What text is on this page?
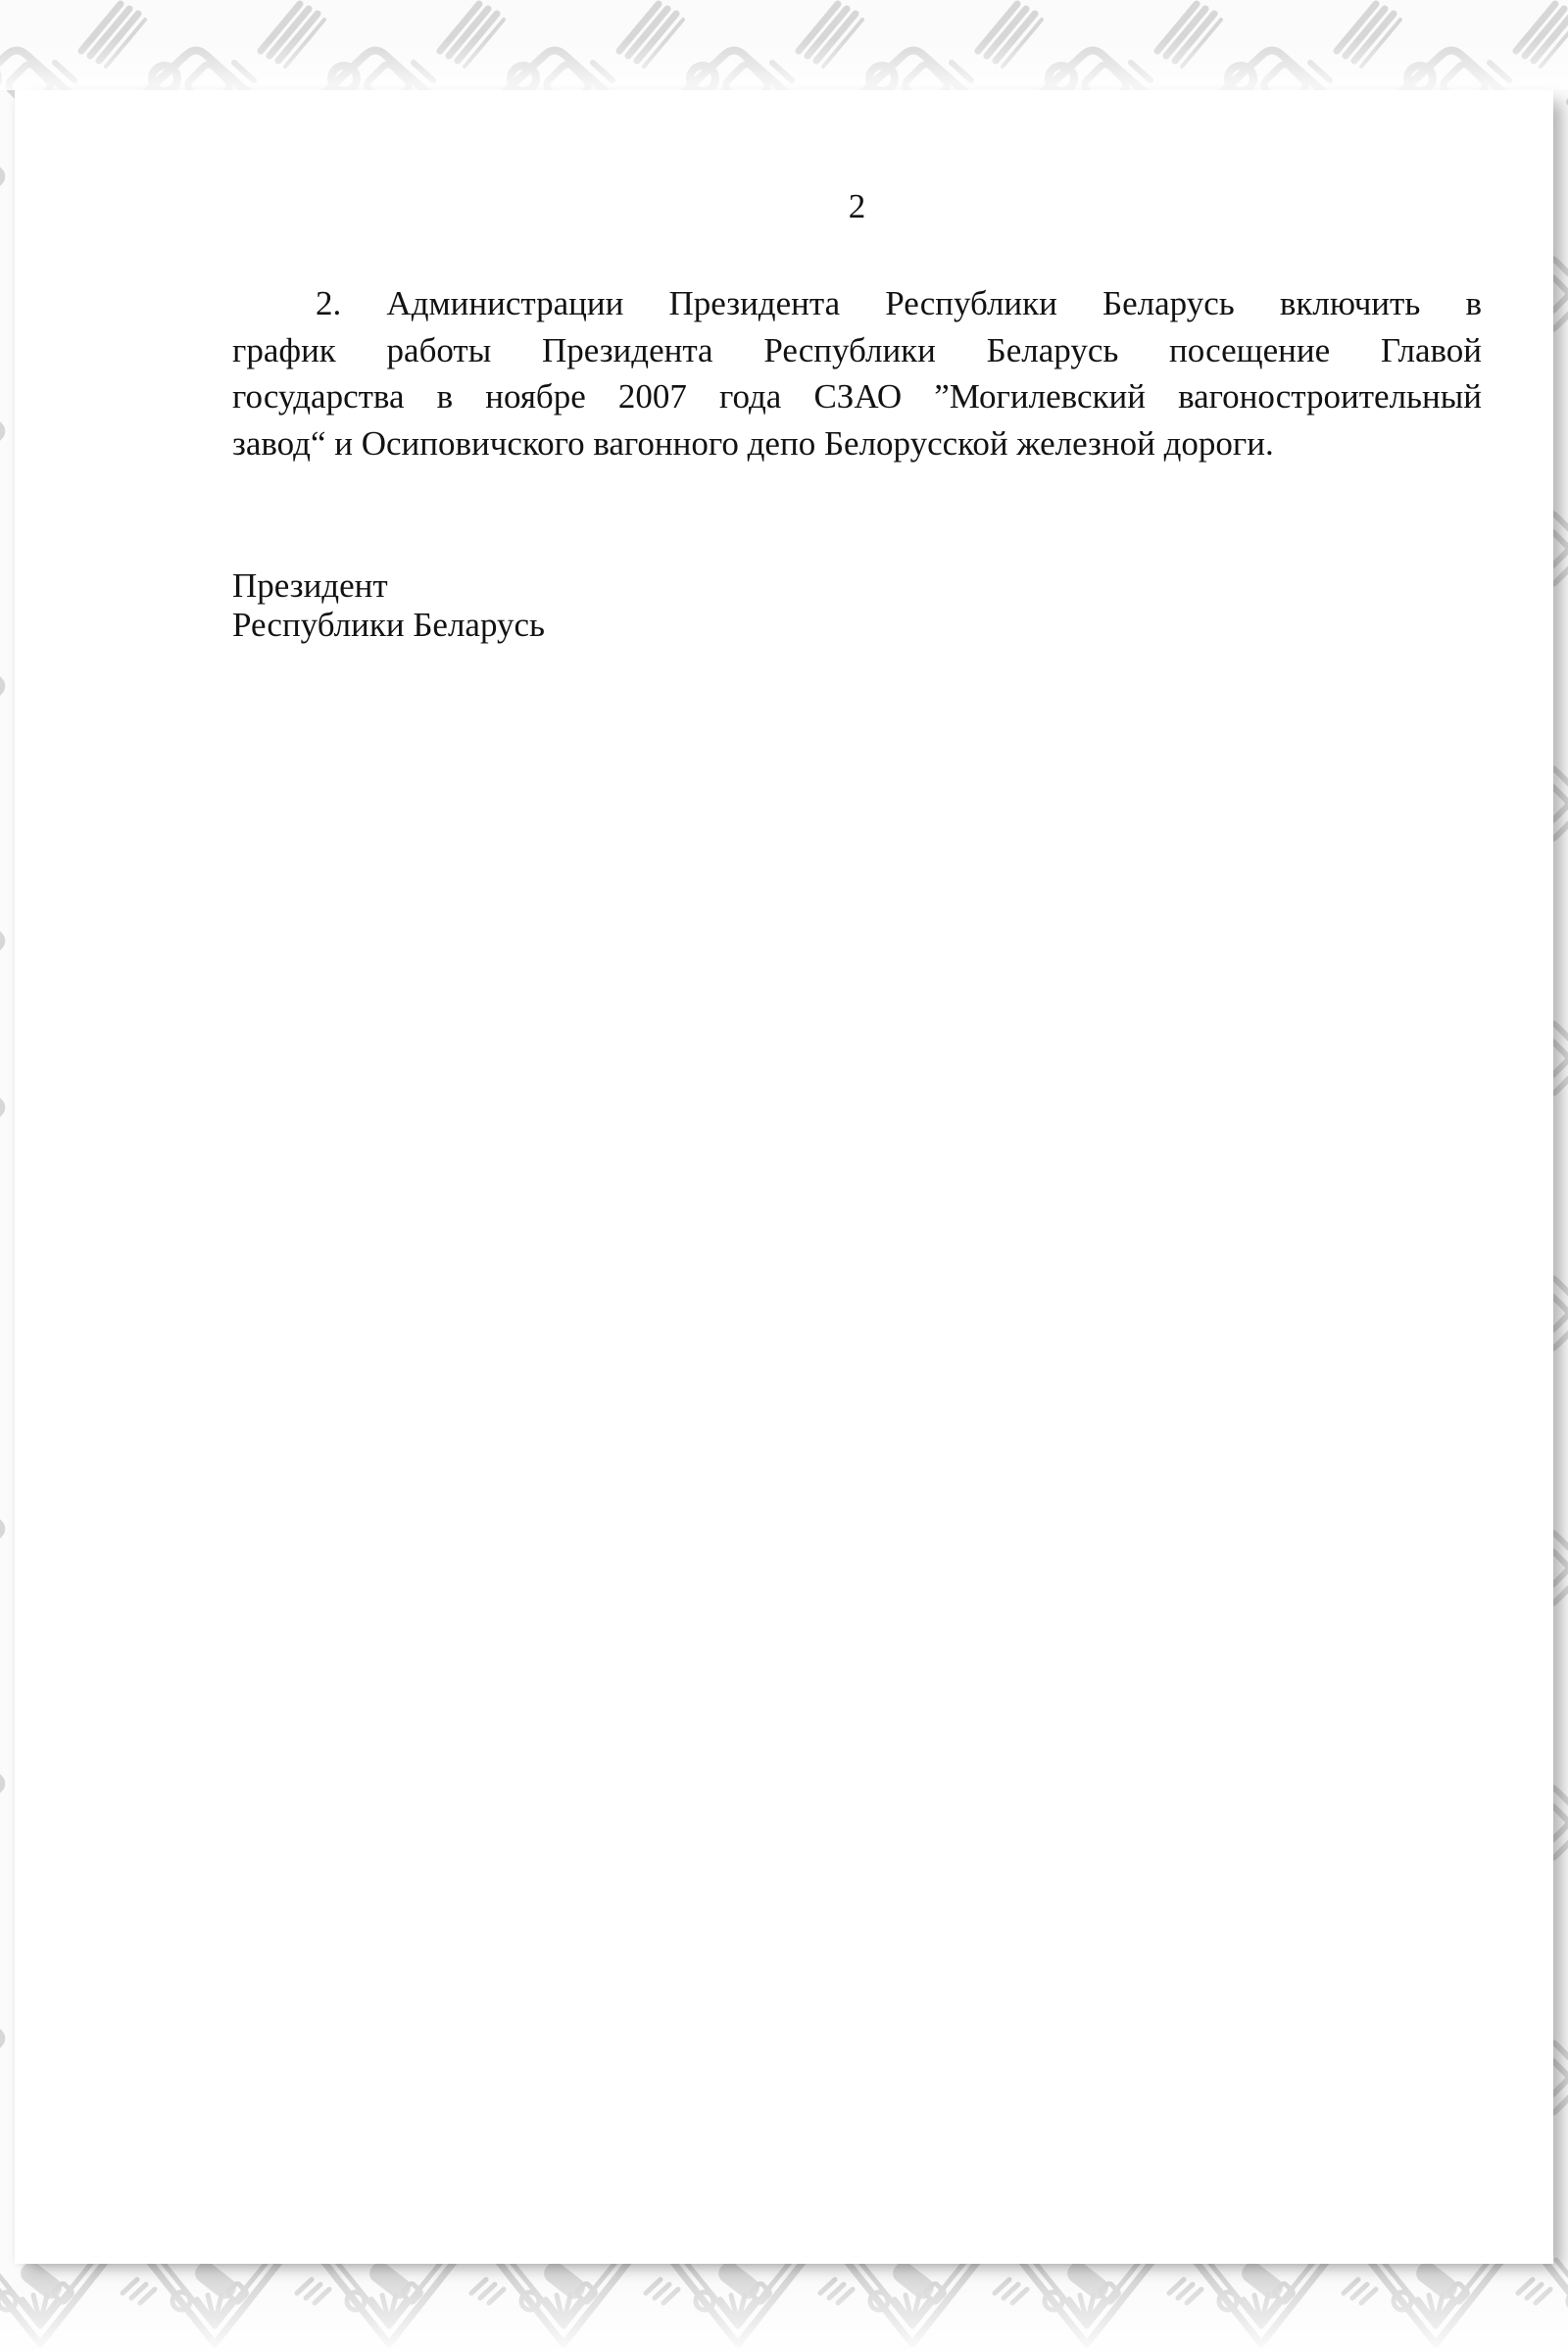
2
2. Администрации Президента Республики Беларусь включить в
график работы Президента Республики Беларусь посещение Главой
государства в ноябре 2007 года СЗАО ”Могилевский вагоностроительный
завод“ и Осиповичского вагонного депо Белорусской железной дороги.
Президент
Республики Беларусь
